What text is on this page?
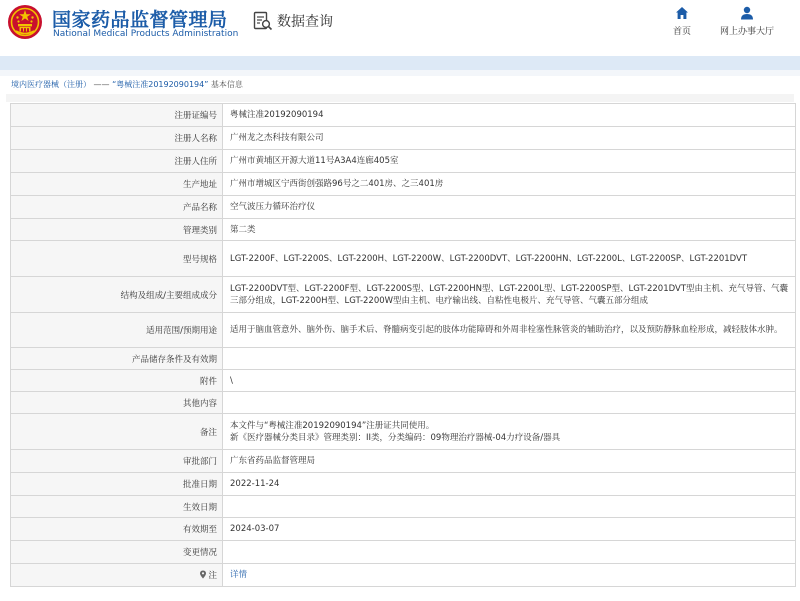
国家药品监督管理局
National Medical Products Administration
数据查询
首页	网上办事大厅
境内医疗器械（注册） —— “粤械注准20192090194” 基本信息
注册证编号	粤械注准20192090194
注册人名称	广州龙之杰科技有限公司
注册人住所	广州市黄埔区开源大道11号A3A4连廊405室
生产地址	广州市增城区宁西街创强路96号之二401房、之三401房
产品名称	空气波压力循环治疗仪
管理类别	第二类
型号规格	LGT-2200F、LGT-2200S、LGT-2200H、LGT-2200W、LGT-2200DVT、LGT-2200HN、LGT-2200L、LGT-2200SP、LGT-2201DVT
结构及组成/主要组成成分	LGT-2200DVT型、LGT-2200F型、LGT-2200S型、LGT-2200HN型、LGT-2200L型、LGT-2200SP型、LGT-2201DVT型由主机、充气导管、气囊三部分组成，LGT-2200H型、LGT-2200W型由主机、电疗输出线、自粘性电极片、充气导管、气囊五部分组成
适用范围/预期用途	适用于脑血管意外、脑外伤、脑手术后、脊髓病变引起的肢体功能障碍和外周非栓塞性脉管炎的辅助治疗，以及预防静脉血栓形成，减轻肢体水肿。
产品储存条件及有效期	
附件	\
其他内容	
备注	本文件与“粤械注准20192090194”注册证共同使用。
新《医疗器械分类目录》管理类别：II类，分类编码：09物理治疗器械-04力疗设备/器具

审批部门	广东省药品监督管理局
批准日期	2022-11-24
生效日期	
有效期至	2024-03-07
变更情况	
注	详情
